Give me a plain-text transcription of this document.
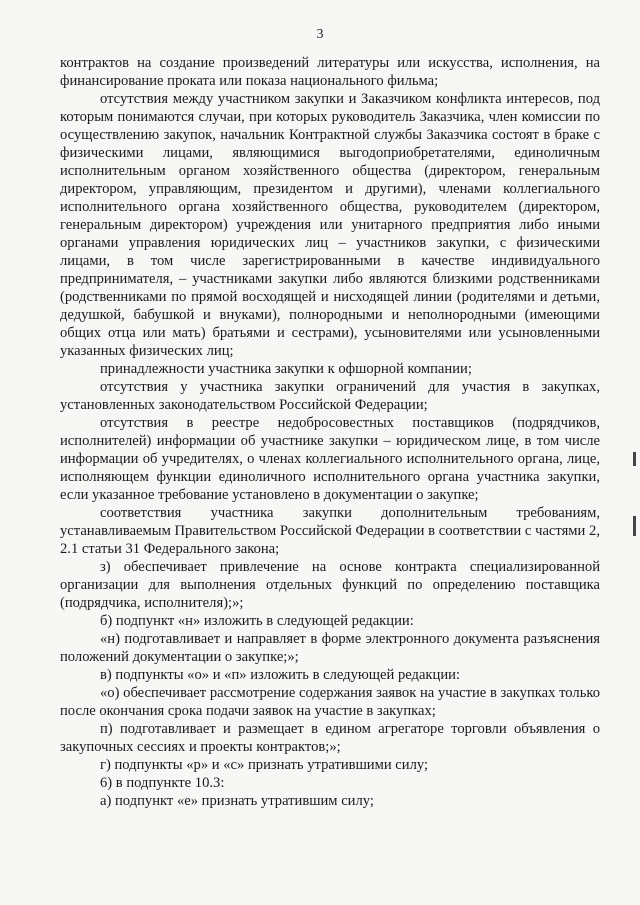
3

контрактов на создание произведений литературы или искусства, исполнения, на финансирование проката или показа национального фильма;

отсутствия между участником закупки и Заказчиком конфликта интересов, под которым понимаются случаи, при которых руководитель Заказчика, член комиссии по осуществлению закупок, начальник Контрактной службы Заказчика состоят в браке с физическими лицами, являющимися выгодоприобретателями, единоличным исполнительным органом хозяйственного общества (директором, генеральным директором, управляющим, президентом и другими), членами коллегиального исполнительного органа хозяйственного общества, руководителем (директором, генеральным директором) учреждения или унитарного предприятия либо иными органами управления юридических лиц – участников закупки, с физическими лицами, в том числе зарегистрированными в качестве индивидуального предпринимателя, – участниками закупки либо являются близкими родственниками (родственниками по прямой восходящей и нисходящей линии (родителями и детьми, дедушкой, бабушкой и внуками), полнородными и неполнородными (имеющими общих отца или мать) братьями и сестрами), усыновителями или усыновленными указанных физических лиц;

принадлежности участника закупки к офшорной компании;

отсутствия у участника закупки ограничений для участия в закупках, установленных законодательством Российской Федерации;

отсутствия в реестре недобросовестных поставщиков (подрядчиков, исполнителей) информации об участнике закупки – юридическом лице, в том числе информации об учредителях, о членах коллегиального исполнительного органа, лице, исполняющем функции единоличного исполнительного органа участника закупки, если указанное требование установлено в документации о закупке;

соответствия участника закупки дополнительным требованиям, устанавливаемым Правительством Российской Федерации в соответствии с частями 2, 2.1 статьи 31 Федерального закона;

з) обеспечивает привлечение на основе контракта специализированной организации для выполнения отдельных функций по определению поставщика (подрядчика, исполнителя);»;

б) подпункт «н» изложить в следующей редакции:

«н) подготавливает и направляет в форме электронного документа разъяснения положений документации о закупке;»;

в) подпункты «о» и «п» изложить в следующей редакции:

«о) обеспечивает рассмотрение содержания заявок на участие в закупках только после окончания срока подачи заявок на участие в закупках;

п) подготавливает и размещает в едином агрегаторе торговли объявления о закупочных сессиях и проекты контрактов;»;

г) подпункты «р» и «с» признать утратившими силу;

6) в подпункте 10.3:

а) подпункт «е» признать утратившим силу;
